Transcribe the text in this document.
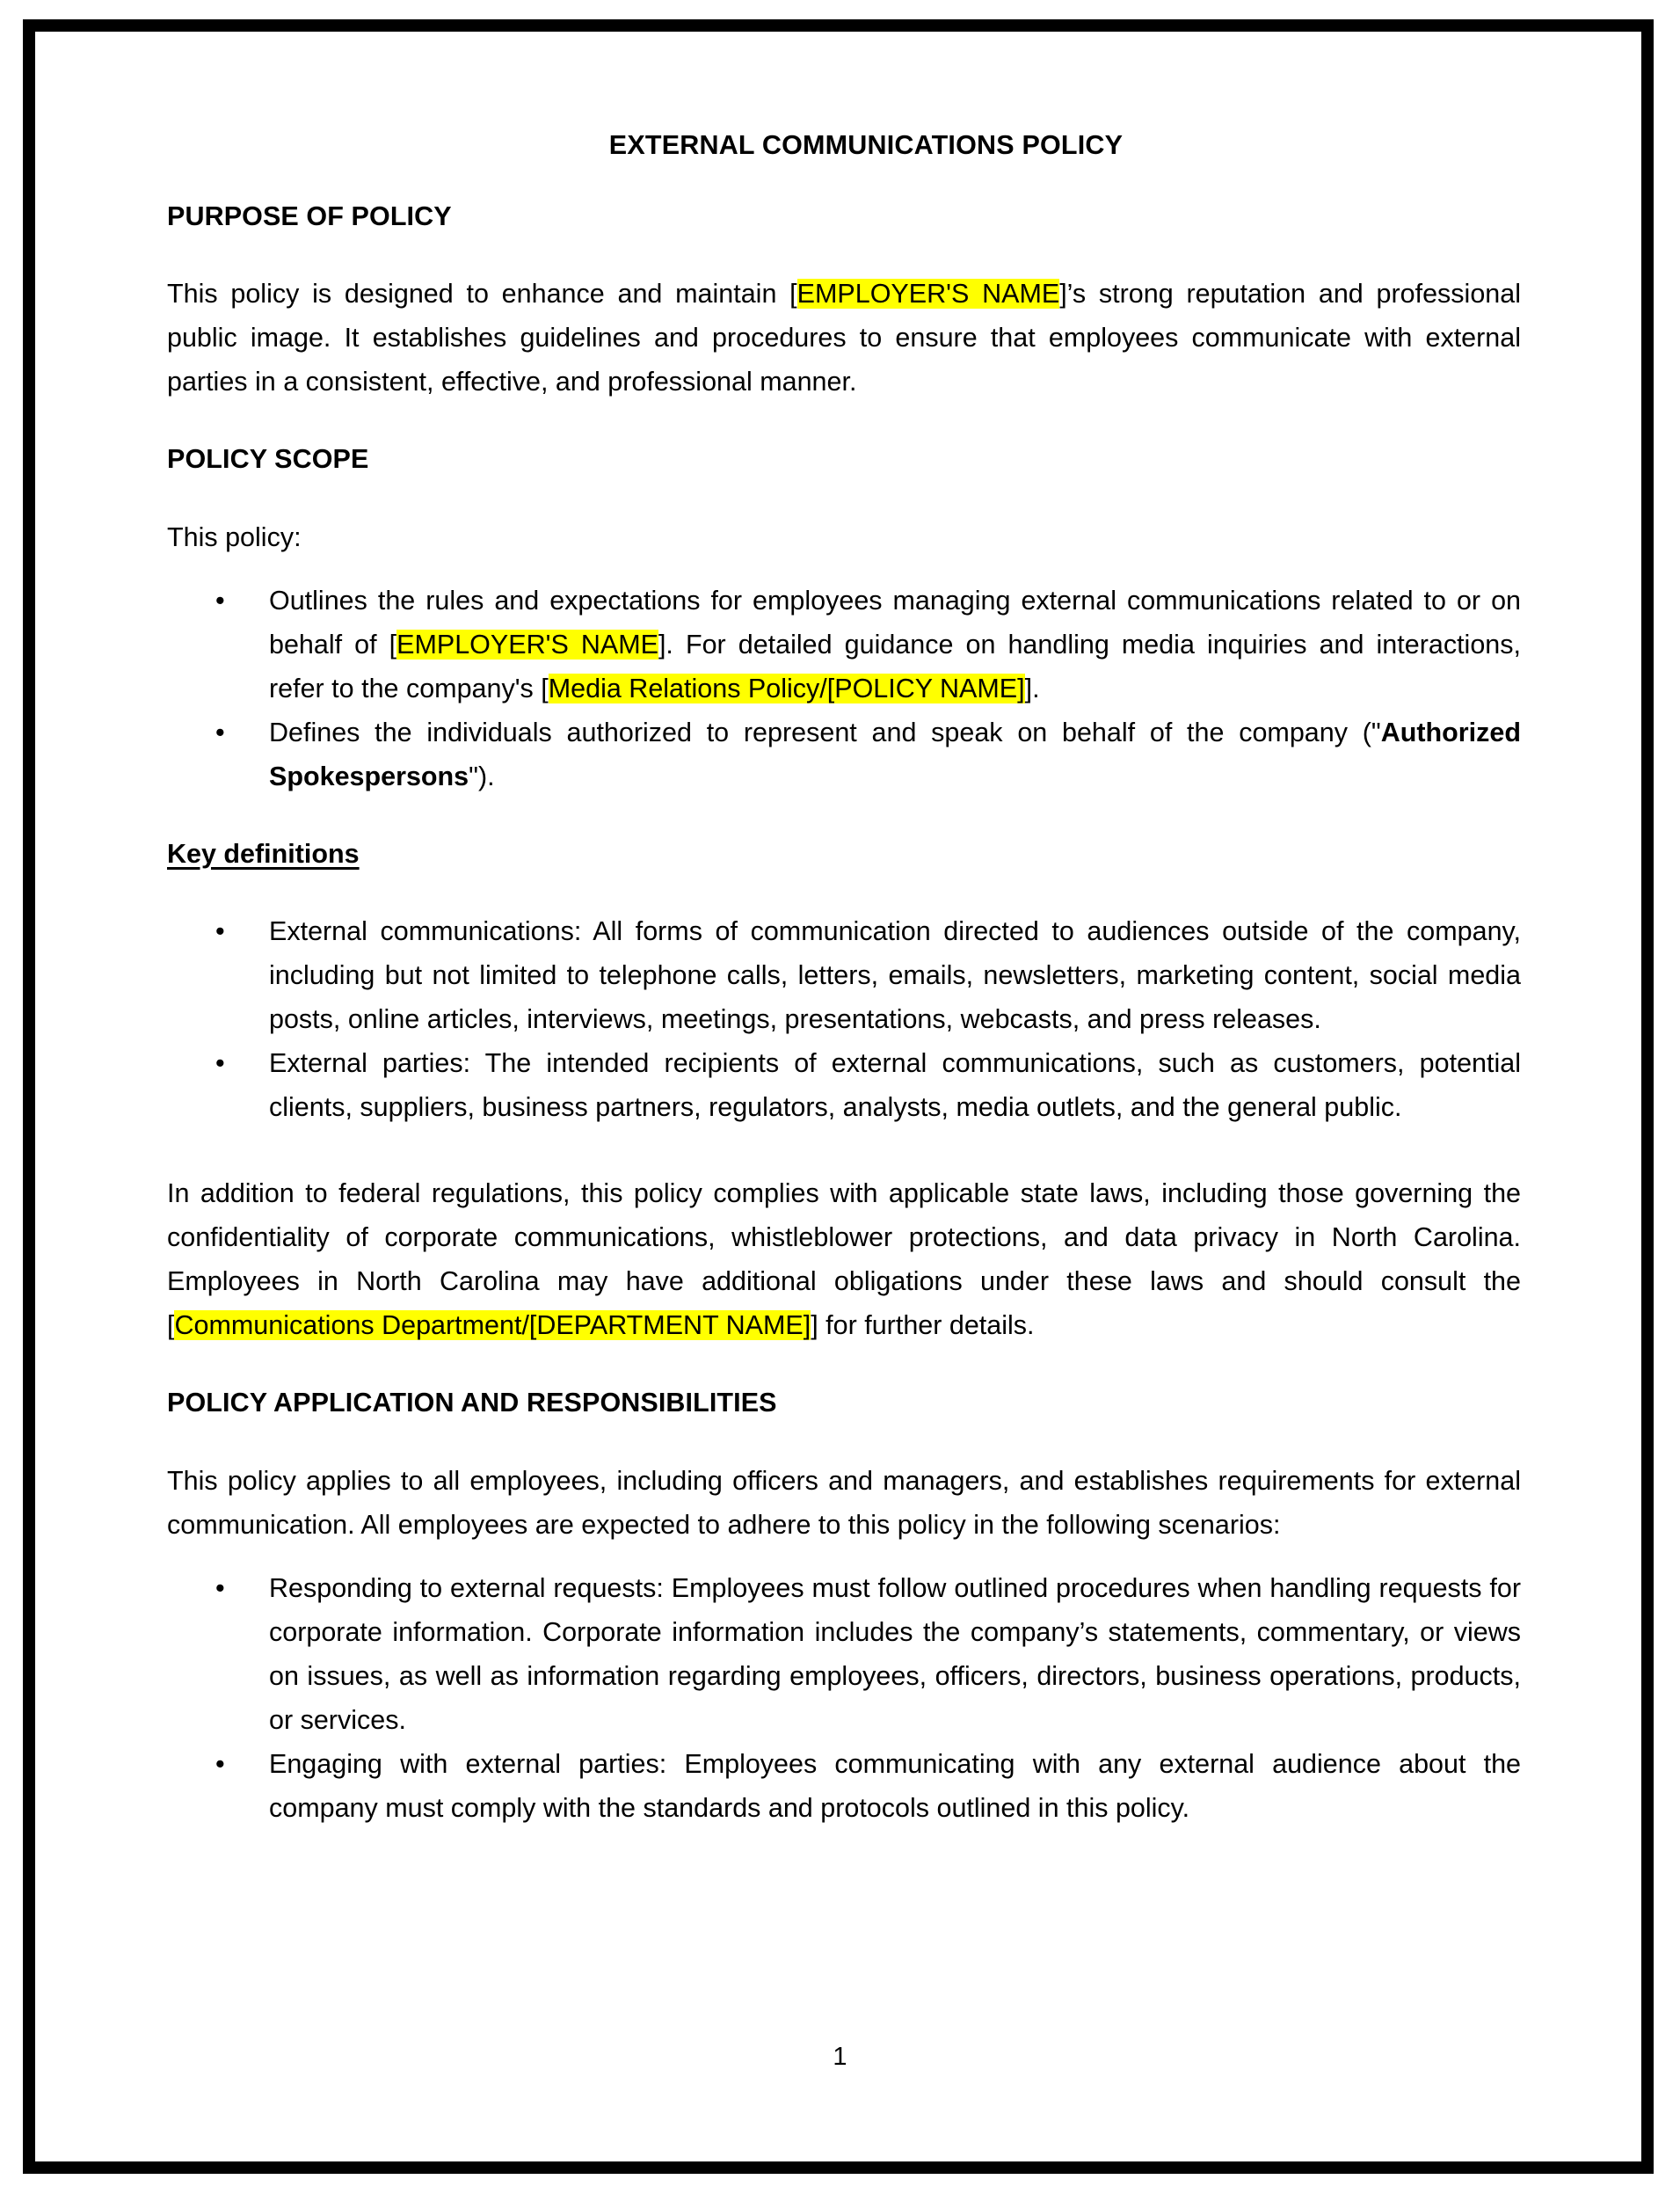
EXTERNAL COMMUNICATIONS POLICY
PURPOSE OF POLICY

This policy is designed to enhance and maintain [EMPLOYER'S NAME]’s strong reputation and professional public image. It establishes guidelines and procedures to ensure that employees communicate with external parties in a consistent, effective, and professional manner.

POLICY SCOPE

This policy:

• Outlines the rules and expectations for employees managing external communications related to or on behalf of [EMPLOYER'S NAME]. For detailed guidance on handling media inquiries and interactions, refer to the company's [Media Relations Policy/[POLICY NAME]].
• Defines the individuals authorized to represent and speak on behalf of the company ("Authorized Spokespersons").
Key definitions
• External communications: All forms of communication directed to audiences outside of the company, including but not limited to telephone calls, letters, emails, newsletters, marketing content, social media posts, online articles, interviews, meetings, presentations, webcasts, and press releases.
• External parties: The intended recipients of external communications, such as customers, potential clients, suppliers, business partners, regulators, analysts, media outlets, and the general public.

In addition to federal regulations, this policy complies with applicable state laws, including those governing the confidentiality of corporate communications, whistleblower protections, and data privacy in North Carolina. Employees in North Carolina may have additional obligations under these laws and should consult the [Communications Department/[DEPARTMENT NAME]] for further details.

POLICY APPLICATION AND RESPONSIBILITIES

This policy applies to all employees, including officers and managers, and establishes requirements for external communication. All employees are expected to adhere to this policy in the following scenarios:

• Responding to external requests: Employees must follow outlined procedures when handling requests for corporate information. Corporate information includes the company’s statements, commentary, or views on issues, as well as information regarding employees, officers, directors, business operations, products, or services.
• Engaging with external parties: Employees communicating with any external audience about the company must comply with the standards and protocols outlined in this policy.
1
